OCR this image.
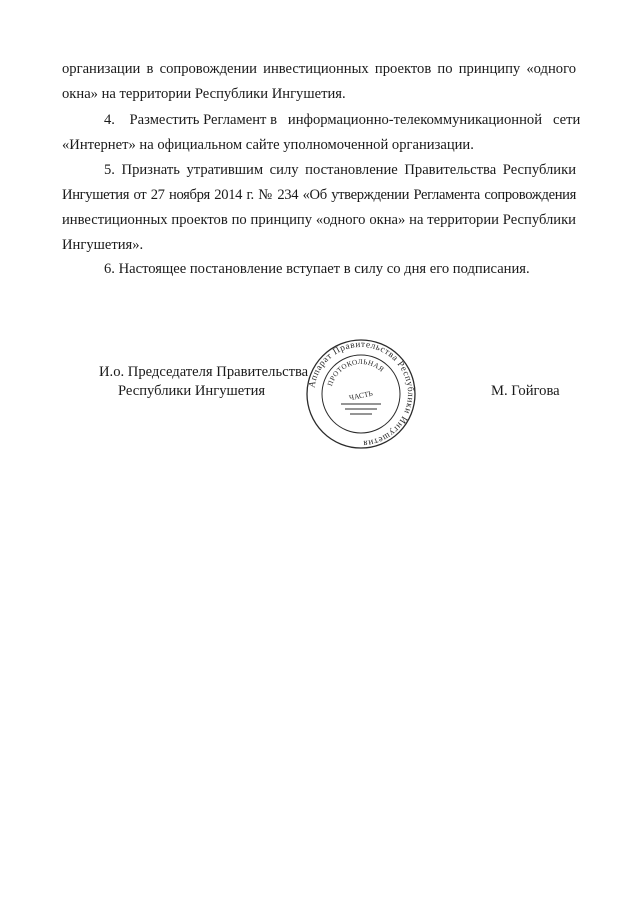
организации в сопровождении инвестиционных проектов по принципу «одного
окна» на территории Республики Ингушетия.
4.    Разместить Регламент в   информационно-телекоммуникационной   сети
«Интернет» на официальном сайте уполномоченной организации.
5. Признать утратившим силу постановление Правительства Республики
Ингушетия от 27 ноября 2014 г. № 234 «Об утверждении Регламента сопровождения
инвестиционных проектов по принципу «одного окна» на территории Республики
Ингушетия».
6. Настоящее постановление вступает в силу со дня его подписания.
И.о. Председателя Правительства
Республики Ингушетия	М. Гойгова
Аппарат Правительства Республики Ингушетия
ПРОТОКОЛЬНАЯ
ЧАСТЬ
